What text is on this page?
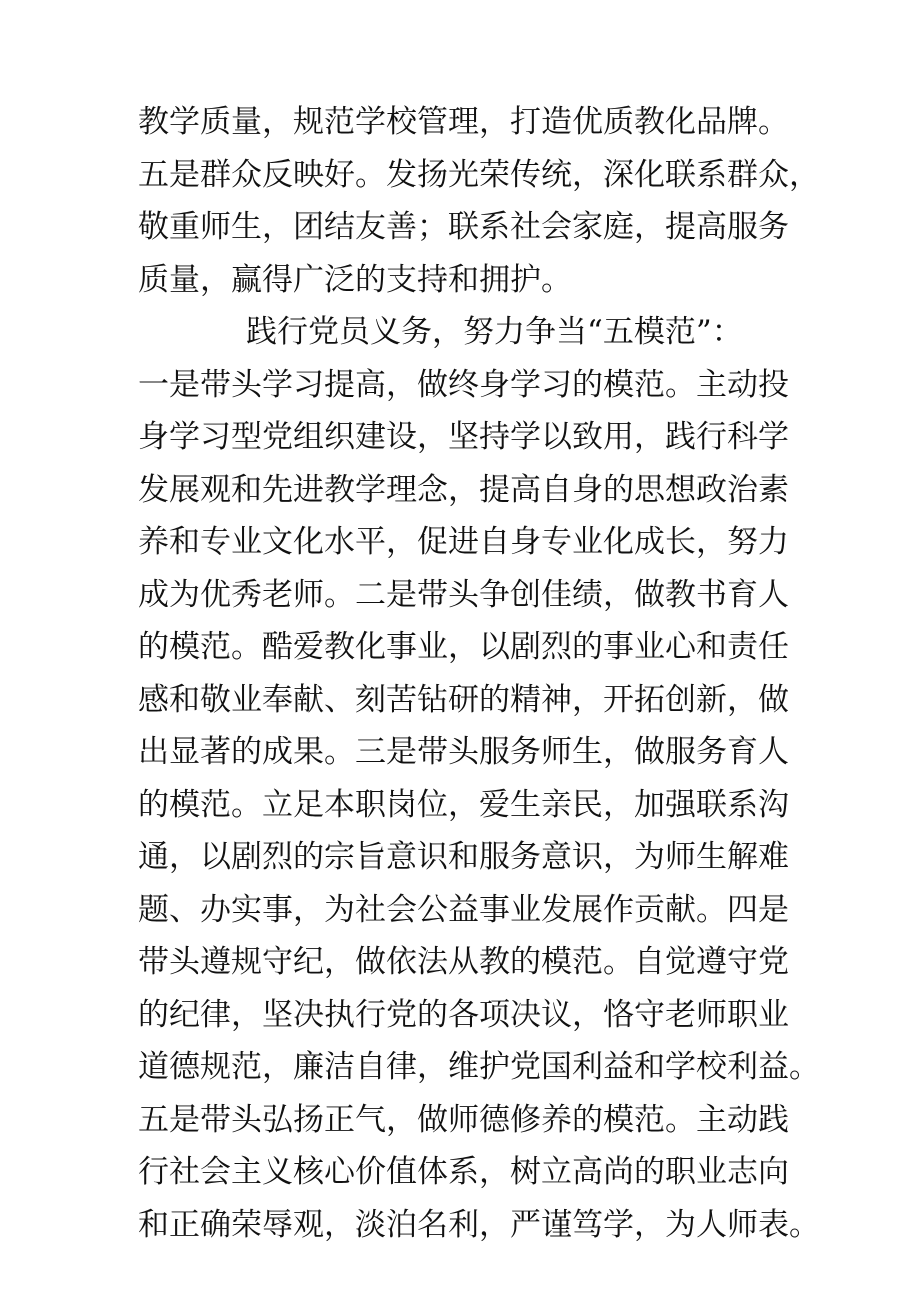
教学质量，规范学校管理，打造优质教化品牌。
五是群众反映好。发扬光荣传统，深化联系群众，
敬重师生，团结友善；联系社会家庭，提高服务
质量，赢得广泛的支持和拥护。
践行党员义务，努力争当“五模范”：
一是带头学习提高，做终身学习的模范。主动投
身学习型党组织建设，坚持学以致用，践行科学
发展观和先进教学理念，提高自身的思想政治素
养和专业文化水平，促进自身专业化成长，努力
成为优秀老师。二是带头争创佳绩，做教书育人
的模范。酷爱教化事业，以剧烈的事业心和责任
感和敬业奉献、刻苦钻研的精神，开拓创新，做
出显著的成果。三是带头服务师生，做服务育人
的模范。立足本职岗位，爱生亲民，加强联系沟
通，以剧烈的宗旨意识和服务意识，为师生解难
题、办实事，为社会公益事业发展作贡献。四是
带头遵规守纪，做依法从教的模范。自觉遵守党
的纪律，坚决执行党的各项决议，恪守老师职业
道德规范，廉洁自律，维护党国利益和学校利益。
五是带头弘扬正气，做师德修养的模范。主动践
行社会主义核心价值体系，树立高尚的职业志向
和正确荣辱观，淡泊名利，严谨笃学，为人师表。
